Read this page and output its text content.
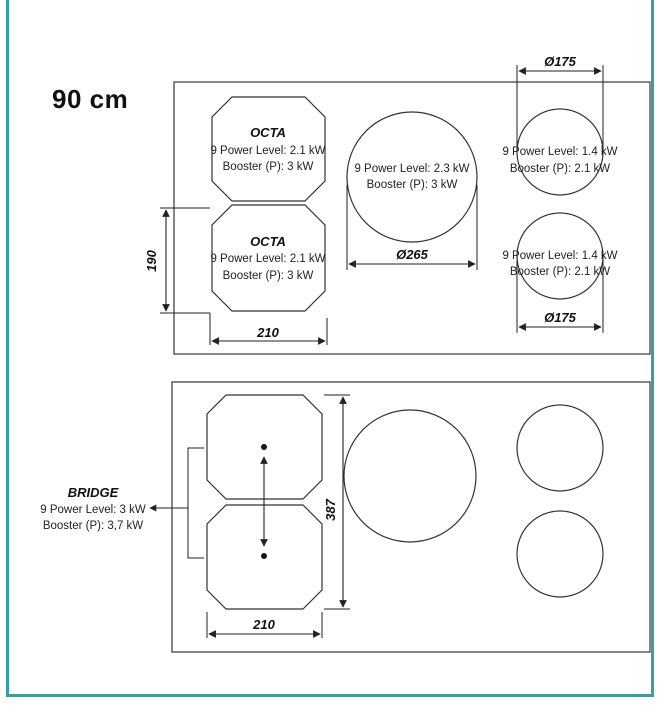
90 cm
OCTA
9 Power Level: 2.1 kW
Booster (P): 3 kW
OCTA
9 Power Level: 2.1 kW
Booster (P): 3 kW
190
210
9 Power Level: 2.3 kW
Booster (P): 3 kW
Ø265
9 Power Level: 1.4 kW
Booster (P): 2.1 kW
Ø175
9 Power Level: 1.4 kW
Booster (P): 2.1 kW
Ø175
BRIDGE
9 Power Level: 3 kW
Booster (P): 3,7 kW
387
210
